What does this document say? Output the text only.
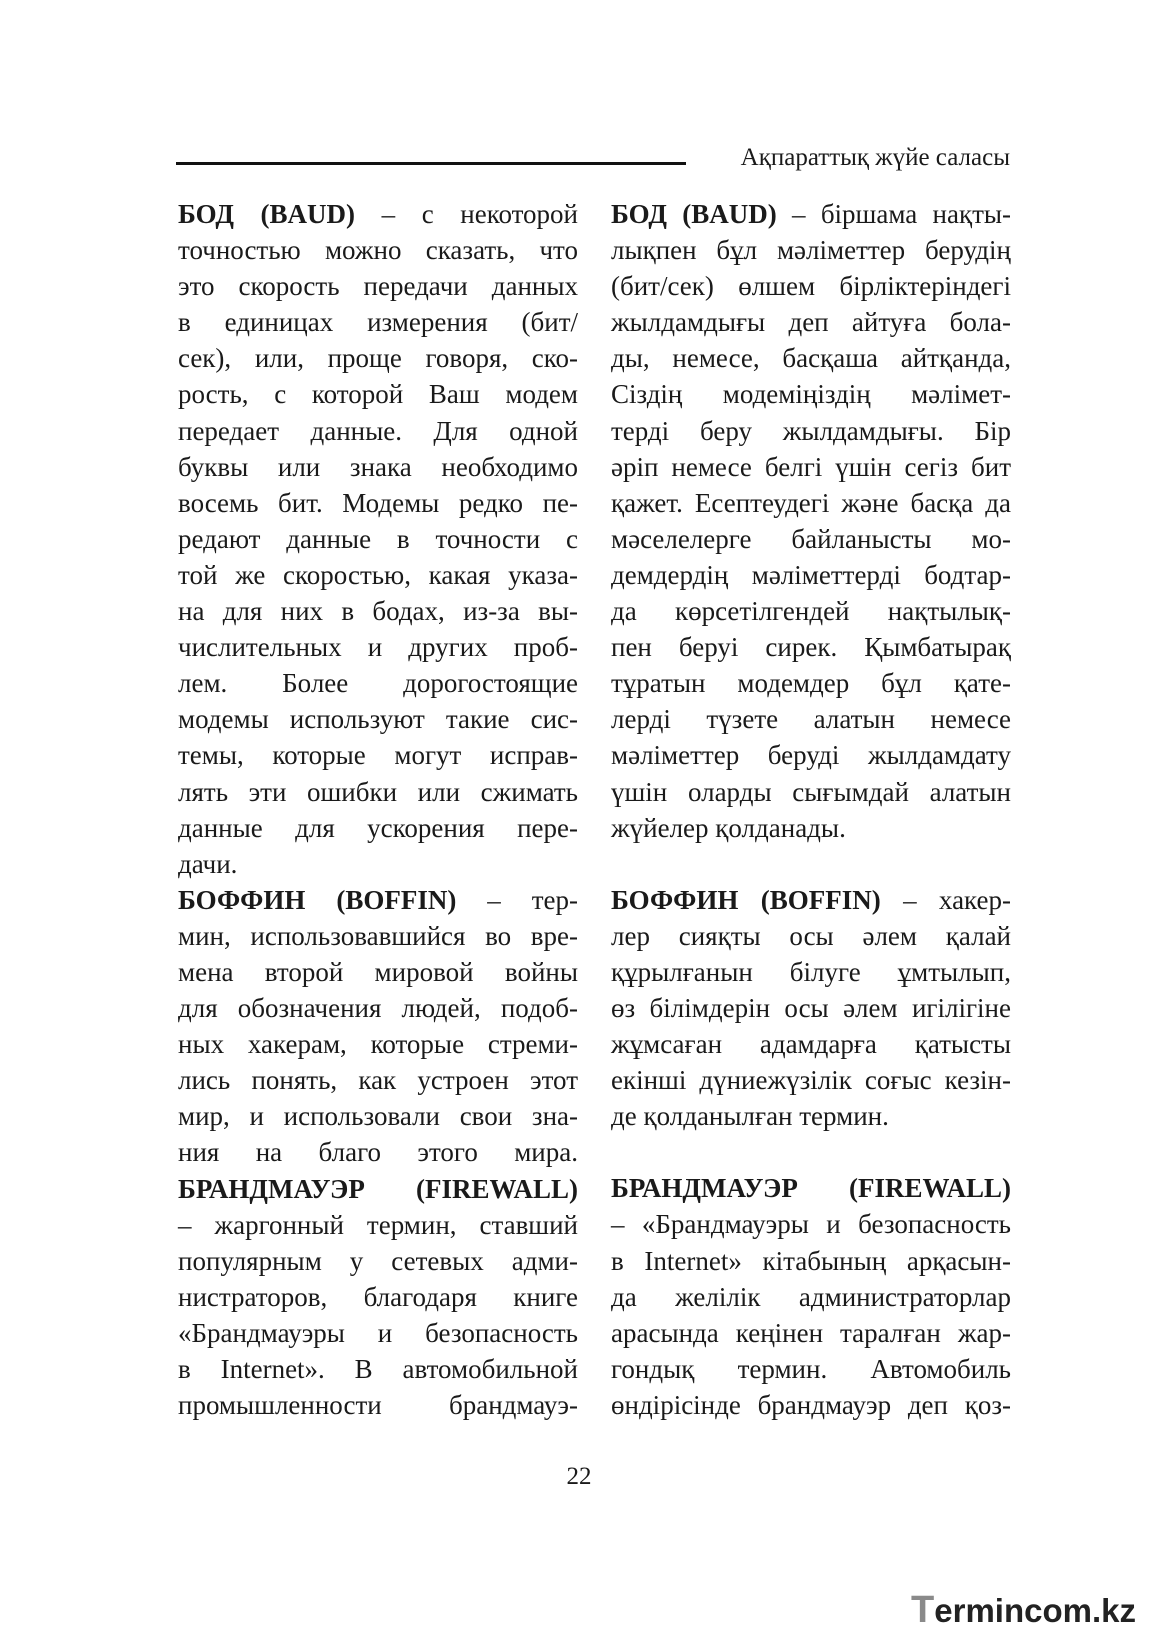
Ақпараттық жүйе саласы
БОД (BAUD) – с некоторой
точностью можно сказать, что
это скорость передачи данных
в единицах измерения (бит/
сек), или, проще говоря, ско-
рость, с которой Ваш модем
передает данные. Для одной
буквы или знака необходимо
восемь бит. Модемы редко пе-
редают данные в точности с
той же скоростью, какая указа-
на для них в бодах, из-за вы-
числительных и других проб-
лем. Более дорогостоящие
модемы используют такие сис-
темы, которые могут исправ-
лять эти ошибки или сжимать
данные для ускорения пере-
дачи.
БОФФИН (BOFFIN) – тер-
мин, использовавшийся во вре-
мена второй мировой войны
для обозначения людей, подоб-
ных хакерам, которые стреми-
лись понять, как устроен этот
мир, и использовали свои зна-
ния на благо этого мира.
БРАНДМАУЭР (FIREWALL)
– жаргонный термин, ставший
популярным у сетевых адми-
нистраторов, благодаря книге
«Брандмауэры и безопасность
в Internet». В автомобильной
промышленности брандмауэ-
БОД (BAUD) – біршама нақты-
лықпен бұл мәліметтер берудің
(бит/сек) өлшем бірліктеріндегі
жылдамдығы деп айтуға бола-
ды, немесе, басқаша айтқанда,
Сіздің модеміңіздің мәлімет-
терді беру жылдамдығы. Бір
әріп немесе белгі үшін сегіз бит
қажет. Есептеудегі және басқа да
мәселелерге байланысты мо-
демдердің мәліметтерді бодтар-
да көрсетілгендей нақтылық-
пен беруі сирек. Қымбатырақ
тұратын модемдер бұл қате-
лерді түзете алатын немесе
мәліметтер беруді жылдамдату
үшін оларды сығымдай алатын
жүйелер қолданады.
БОФФИН (BOFFIN) – хакер-
лер сияқты осы әлем қалай
құрылғанын білуге ұмтылып,
өз білімдерін осы әлем игілігіне
жұмсаған адамдарға қатысты
екінші дүниежүзілік соғыс кезін-
де қолданылған термин.
БРАНДМАУЭР (FIREWALL)
– «Брандмауэры и безопасность
в Internet» кітабының арқасын-
да желілік администраторлар
арасында кеңінен таралған жар-
гондық термин. Автомобиль
өндірісінде брандмауэр деп қоз-
22
Termincom.kz
